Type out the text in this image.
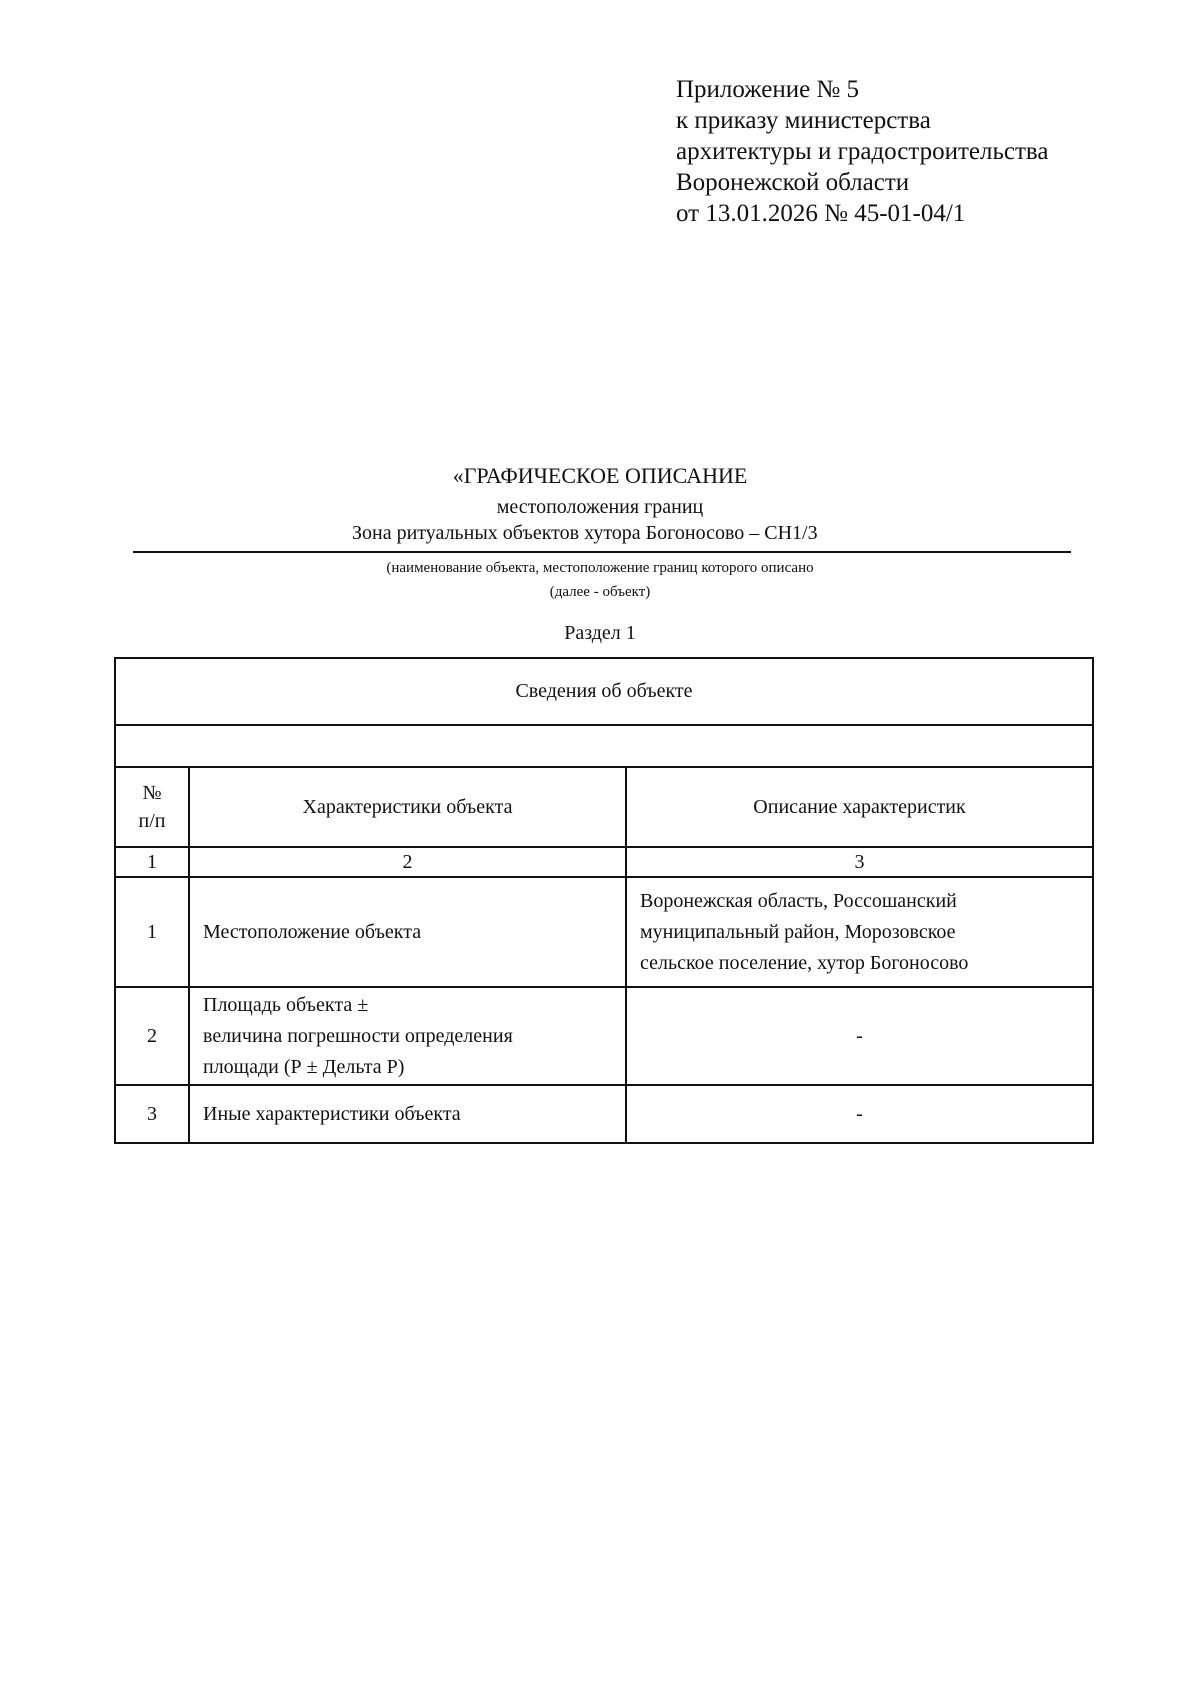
Приложение № 5
к приказу министерства
архитектуры и градостроительства
Воронежской области
от 13.01.2026 № 45-01-04/1
«ГРАФИЧЕСКОЕ ОПИСАНИЕ
местоположения границ
Зона ритуальных объектов хутора Богоносово – СН1/3
(наименование объекта, местоположение границ которого описано
(далее - объект)
Раздел 1
Сведения об объекте		

№
п/п	Характеристики объекта	Описание характеристик
1	2	3
1	Местоположение объекта	Воронежская область, Россошанский
муниципальный район, Морозовское
сельское поселение, хутор Богоносово

2	Площадь объекта ±
величина погрешности определения
площади (Р ± Дельта Р)	-
3	Иные характеристики объекта	-
